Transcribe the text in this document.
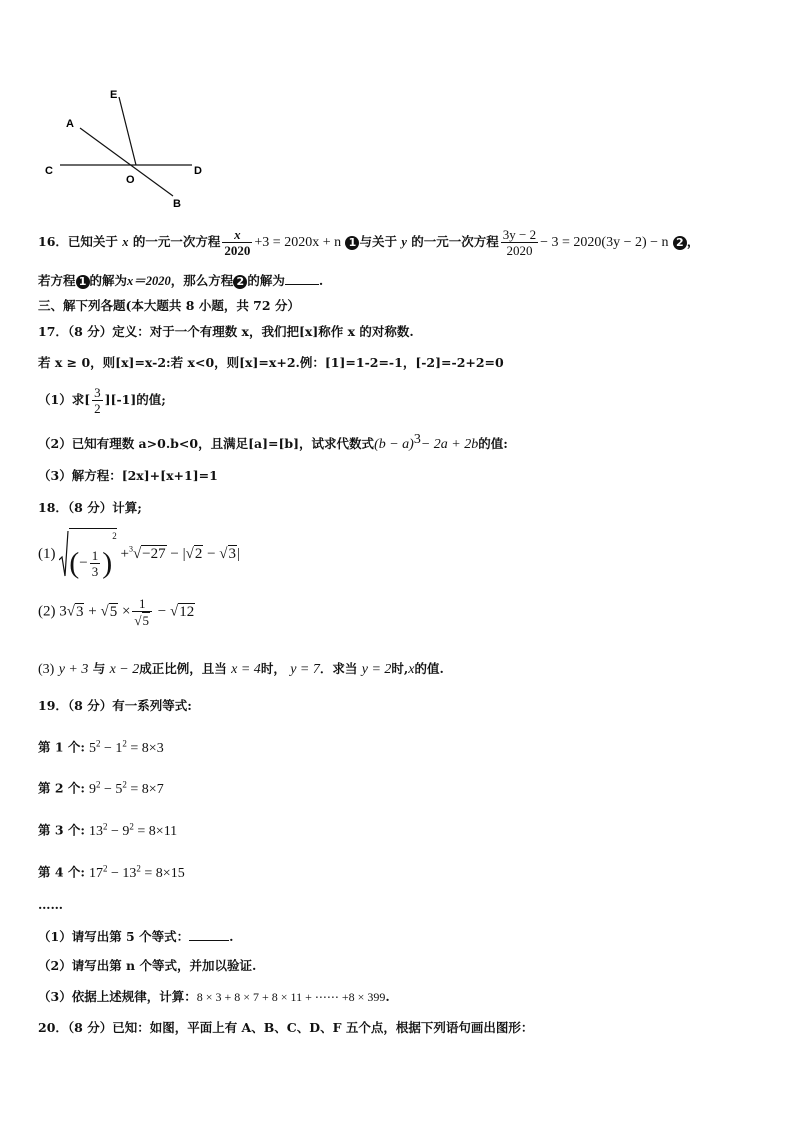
E
A
C
O
D
B
16．已知关于 x 的一元一次方程 $\frac{x}{2020} +3 = 2020x + n$ 1 与关于 y 的一元一次方程 $\frac{3y - 2}{2020} - 3 = 2020(3y - 2) - n$ 2 ，
若方程 1 的解为x＝2020，那么方程 2 的解为	.
三、解下列各题(本大题共 8 小题，共 72 分）
17．（8 分）定义：对于一个有理数 x，我们把[x]称作 x 的对称数.
若 x ≥ 0，则[x]=x-2:若 x<0，则[x]=x+2.例：[1]=1-2=-1，[-2]=-2+2=0
（1）求[ $\frac{3}{2} ][-1]$的值;
（2）已知有理数 a>0.b<0，且满足[a]=[b]，试求代数式$(b - a)^3- 2a + 2b$的值:
（3）解方程：[2x]+[x+1]=1
18．（8 分）计算;
(1) (− $\frac{1}{3} )^2 +^3√-27 - |√2 - √3|$
(2) $3√3 + √5 \times \frac{1}{√5} - √12$
(3) y + 3 与 x − 2成正比例，且当 x = 4时， y = 7．求当 y = 2时,x的值.
19．（8 分）有一系列等式:
第 1 个: $5^2 - 1^2 = 8\times 3$
第 2 个: $9^2 - 5^2 = 8\times 7$
第 3 个: $13^2 - 9^2 = 8\times 11$
第 4 个: $17^2 - 13^2 = 8\times 15$
……
（1）请写出第 5 个等式：	.
（2）请写出第 n 个等式，并加以验证.
（3）依据上述规律，计算：8 × 3 + 8 × 7 + 8 × 11 + ⋯⋯ +8 × 399.
20．（8 分）已知：如图，平面上有 A、B、C、D、F 五个点，根据下列语句画出图形：
